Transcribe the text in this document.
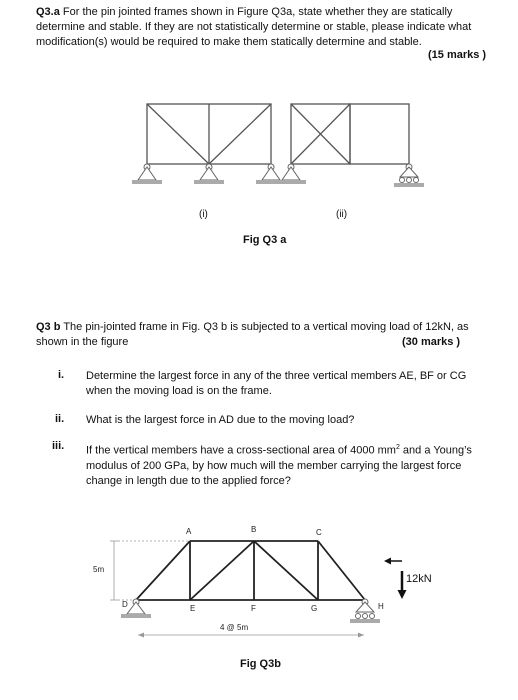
Q3.a For the pin jointed frames shown in Figure Q3a, state whether they are statically determine and stable. If they are not statistically determine or stable, please indicate what modification(s) would be required to make them statically determine and stable.
(15 marks )
(i)	(ii)
Fig Q3 a
Q3 b The pin-jointed frame in Fig. Q3 b is subjected to a vertical moving load of 12kN, as shown in the figure	(30 marks )
i. Determine the largest force in any of the three vertical members AE, BF or CG when the moving load is on the frame.
ii. What is the largest force in AD due to the moving load?
iii. If the vertical members have a cross-sectional area of 4000 $mm^2$ and a Young’s modulus of 200 GPa, by how much will the member carrying the largest force change in length due to the applied force?
5m
A	B	C
D	E	F	G	H
4 @ 5m
12kN
Fig Q3b
